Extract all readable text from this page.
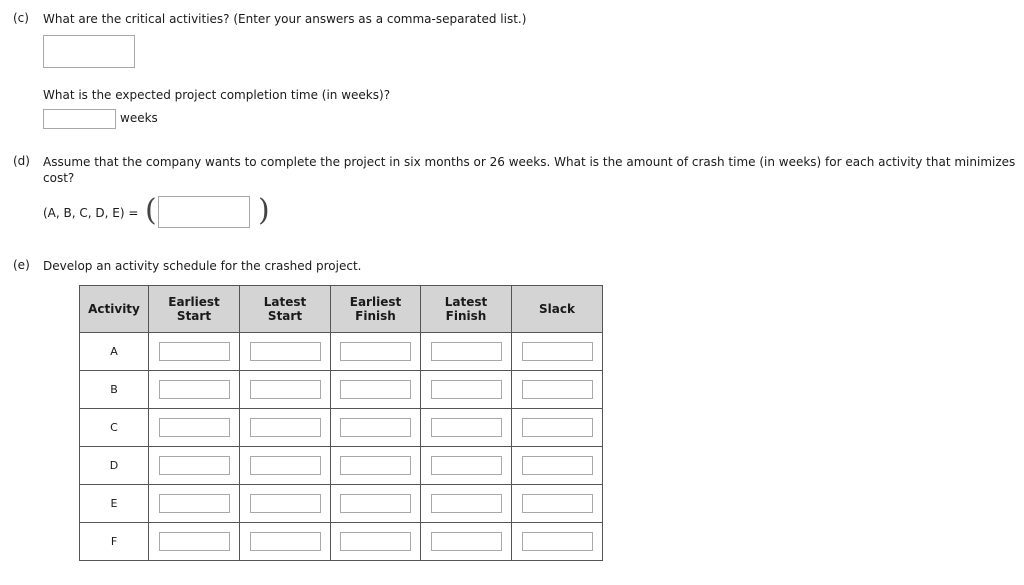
(c) What are the critical activities? (Enter your answers as a comma-separated list.)
What is the expected project completion time (in weeks)?
weeks
(d) Assume that the company wants to complete the project in six months or 26 weeks. What is the amount of crash time (in weeks) for each activity that minimizes
cost?
(A, B, C, D, E) = (	)
(e) Develop an activity schedule for the crashed project.
Activity	Earliest Start	Latest Start	Earliest Finish	Latest Finish	Slack
A					
B					
C					
D					
E					
F					
